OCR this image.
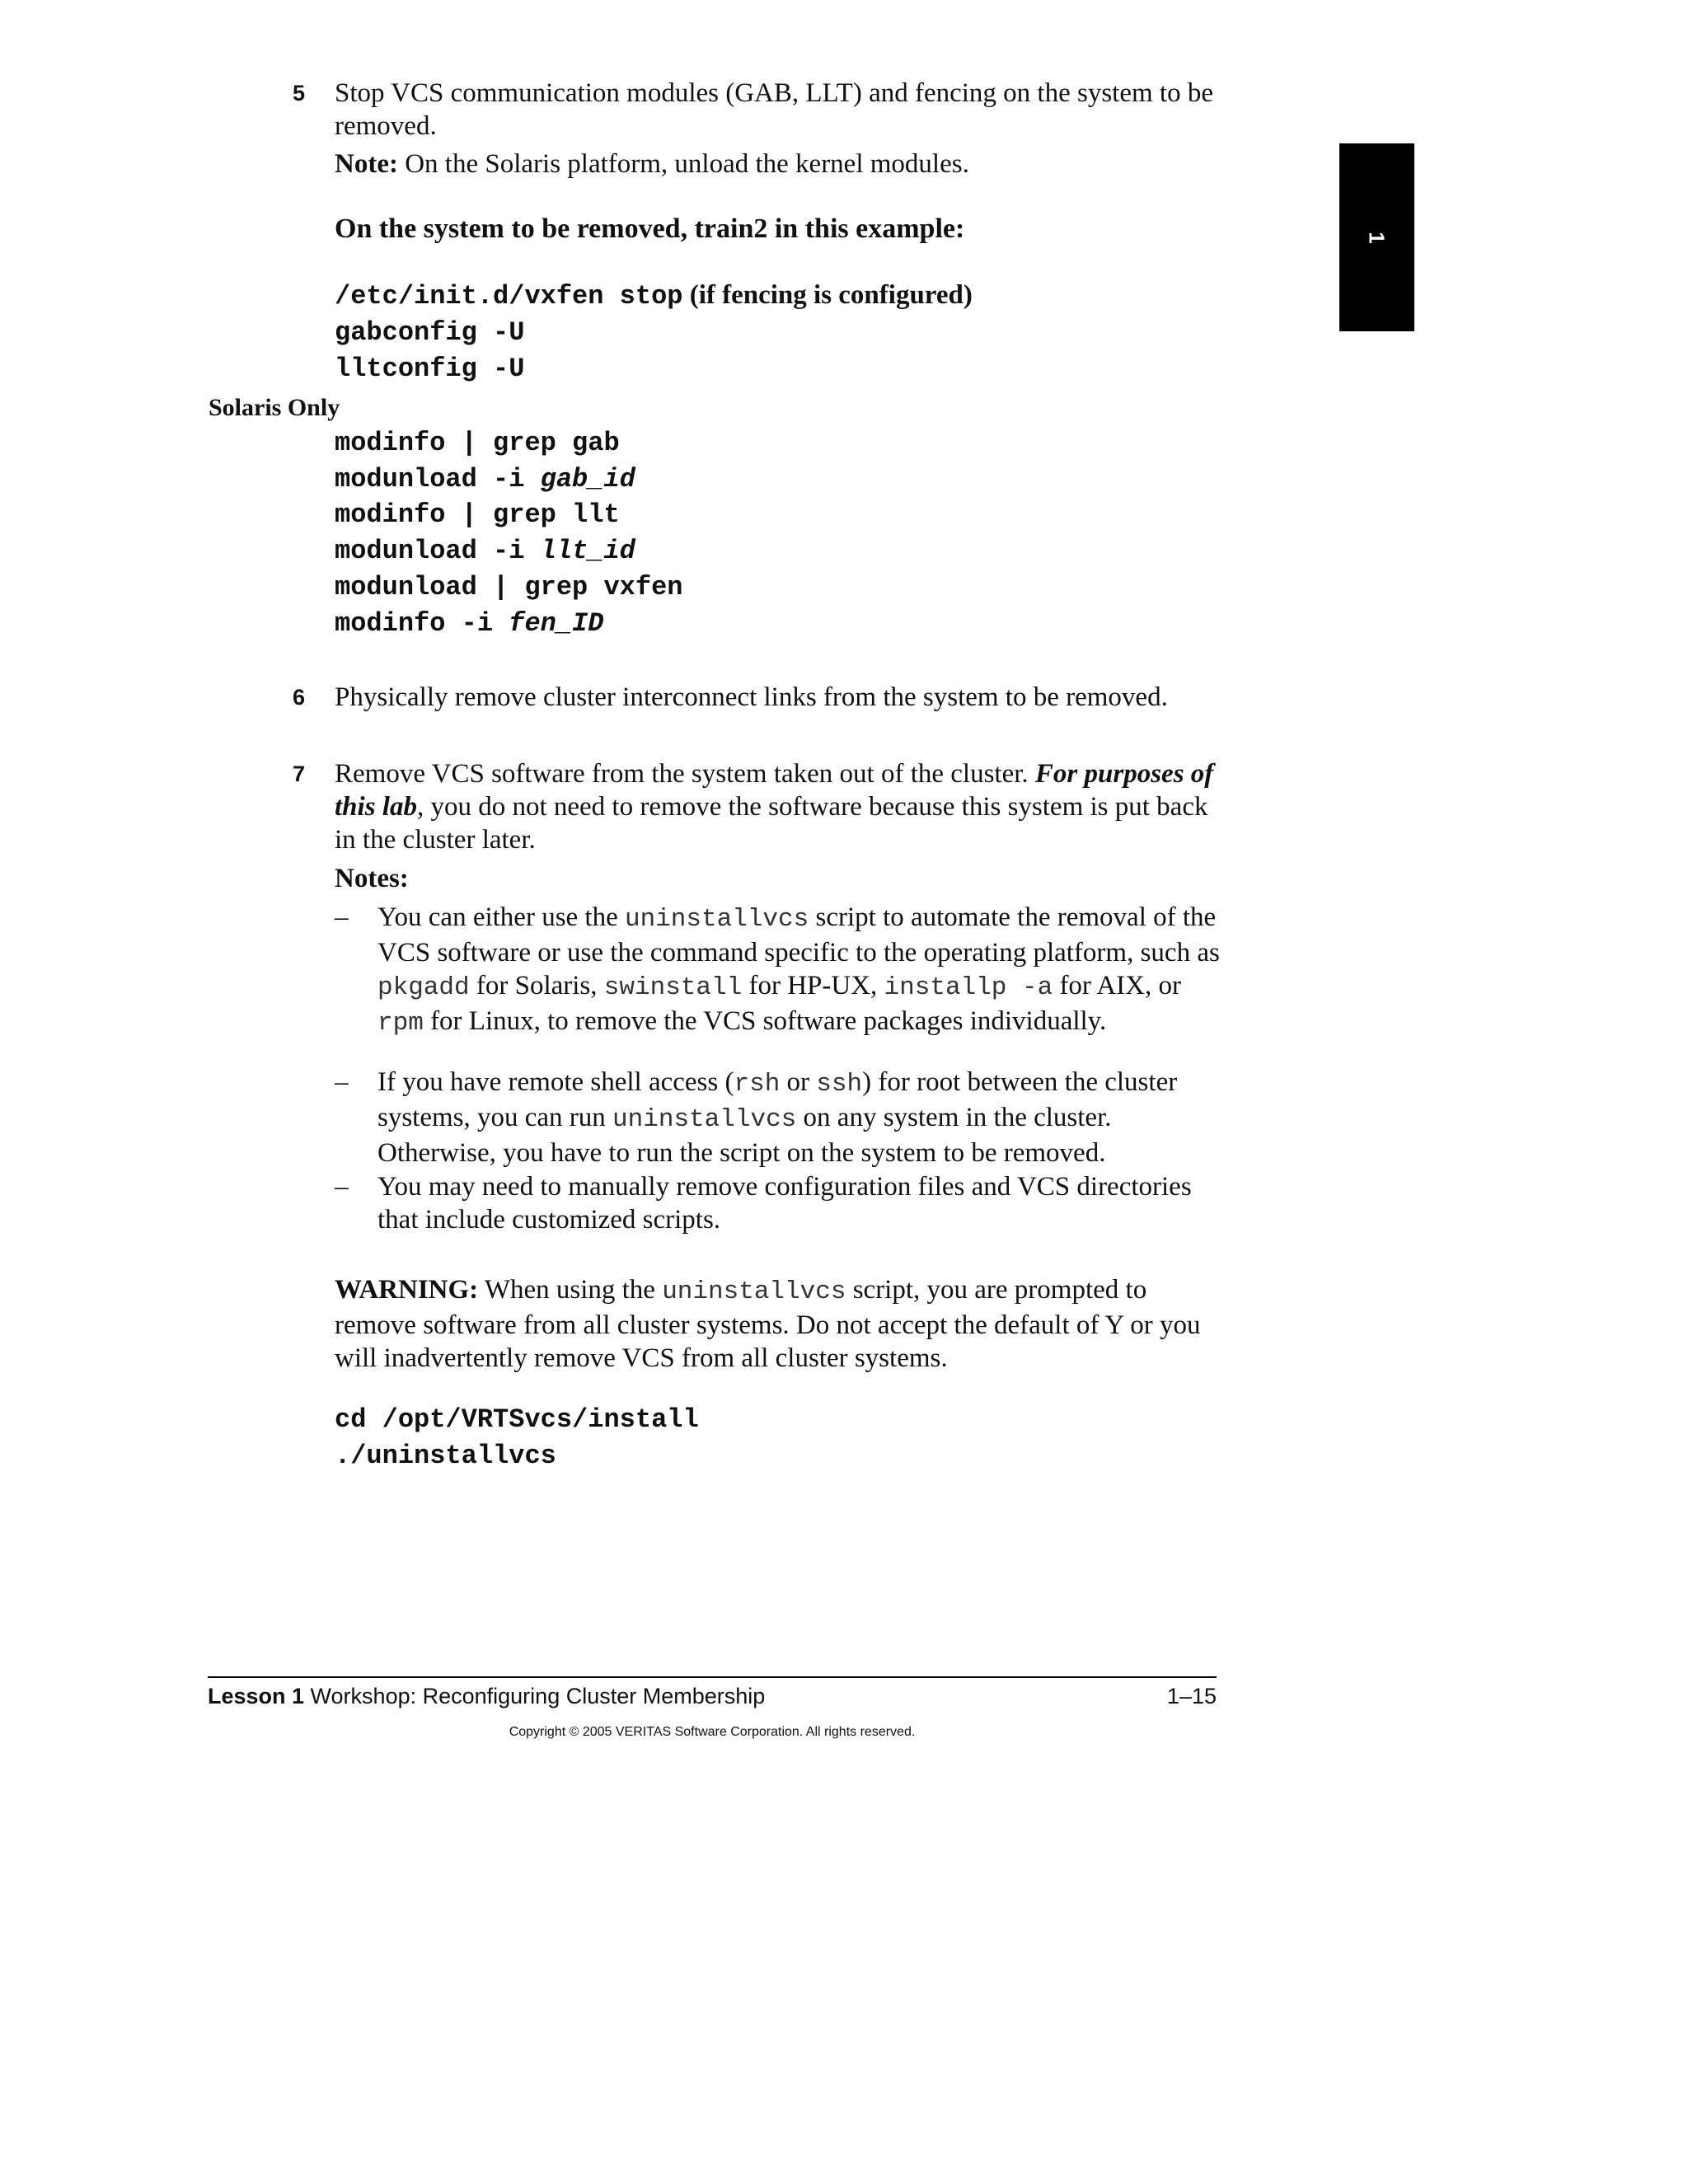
1
5 Stop VCS communication modules (GAB, LLT) and fencing on the system to be removed.

Note: On the Solaris platform, unload the kernel modules.

On the system to be removed, train2 in this example:

/etc/init.d/vxfen stop (if fencing is configured)
gabconfig -U
lltconfig -U
Solaris Only
modinfo | grep gab
modunload -i gab_id
modinfo | grep llt
modunload -i llt_id
modunload | grep vxfen
modinfo -i fen_ID
6 Physically remove cluster interconnect links from the system to be removed.

7 Remove VCS software from the system taken out of the cluster. For purposes of this lab, you do not need to remove the software because this system is put back in the cluster later.

Notes:
– You can either use the uninstallvcs script to automate the removal of the VCS software or use the command specific to the operating platform, such as pkgadd for Solaris, swinstall for HP-UX, installp -a for AIX, or rpm for Linux, to remove the VCS software packages individually.
– If you have remote shell access (rsh or ssh) for root between the cluster systems, you can run uninstallvcs on any system in the cluster. Otherwise, you have to run the script on the system to be removed.
– You may need to manually remove configuration files and VCS directories that include customized scripts.

WARNING: When using the uninstallvcs script, you are prompted to remove software from all cluster systems. Do not accept the default of Y or you will inadvertently remove VCS from all cluster systems.

cd /opt/VRTSvcs/install
./uninstallvcs
Lesson 1 Workshop: Reconfiguring Cluster Membership	1–15
Copyright © 2005 VERITAS Software Corporation. All rights reserved.
